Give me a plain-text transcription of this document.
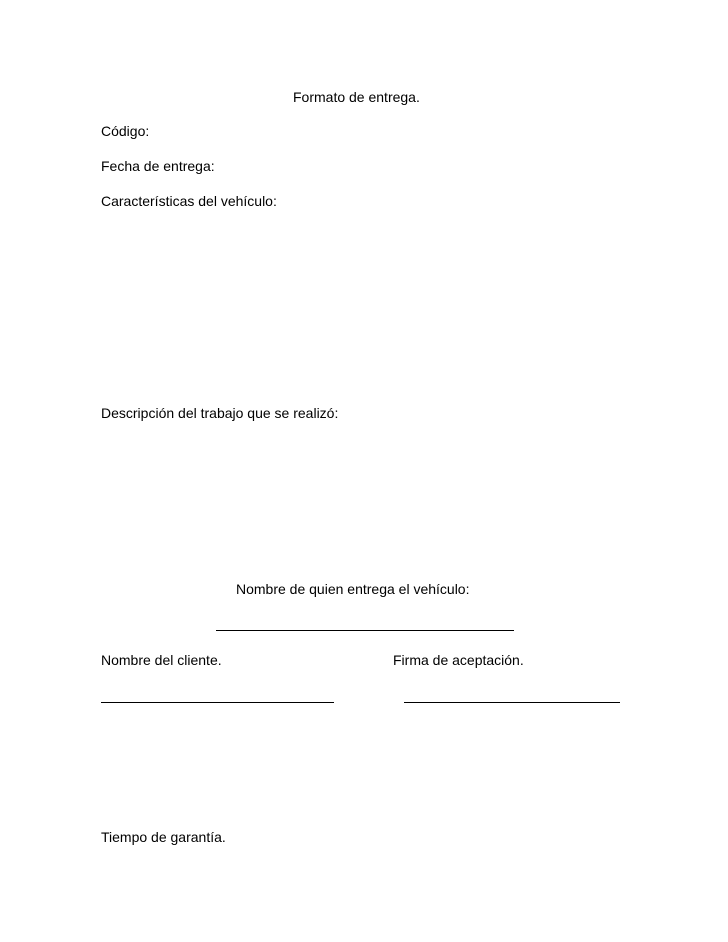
Formato de entrega.
Código:
Fecha de entrega:
Características del vehículo:
Descripción del trabajo que se realizó:
Nombre de quien entrega el vehículo:
Nombre del cliente.	Firma de aceptación.
Tiempo de garantía.
